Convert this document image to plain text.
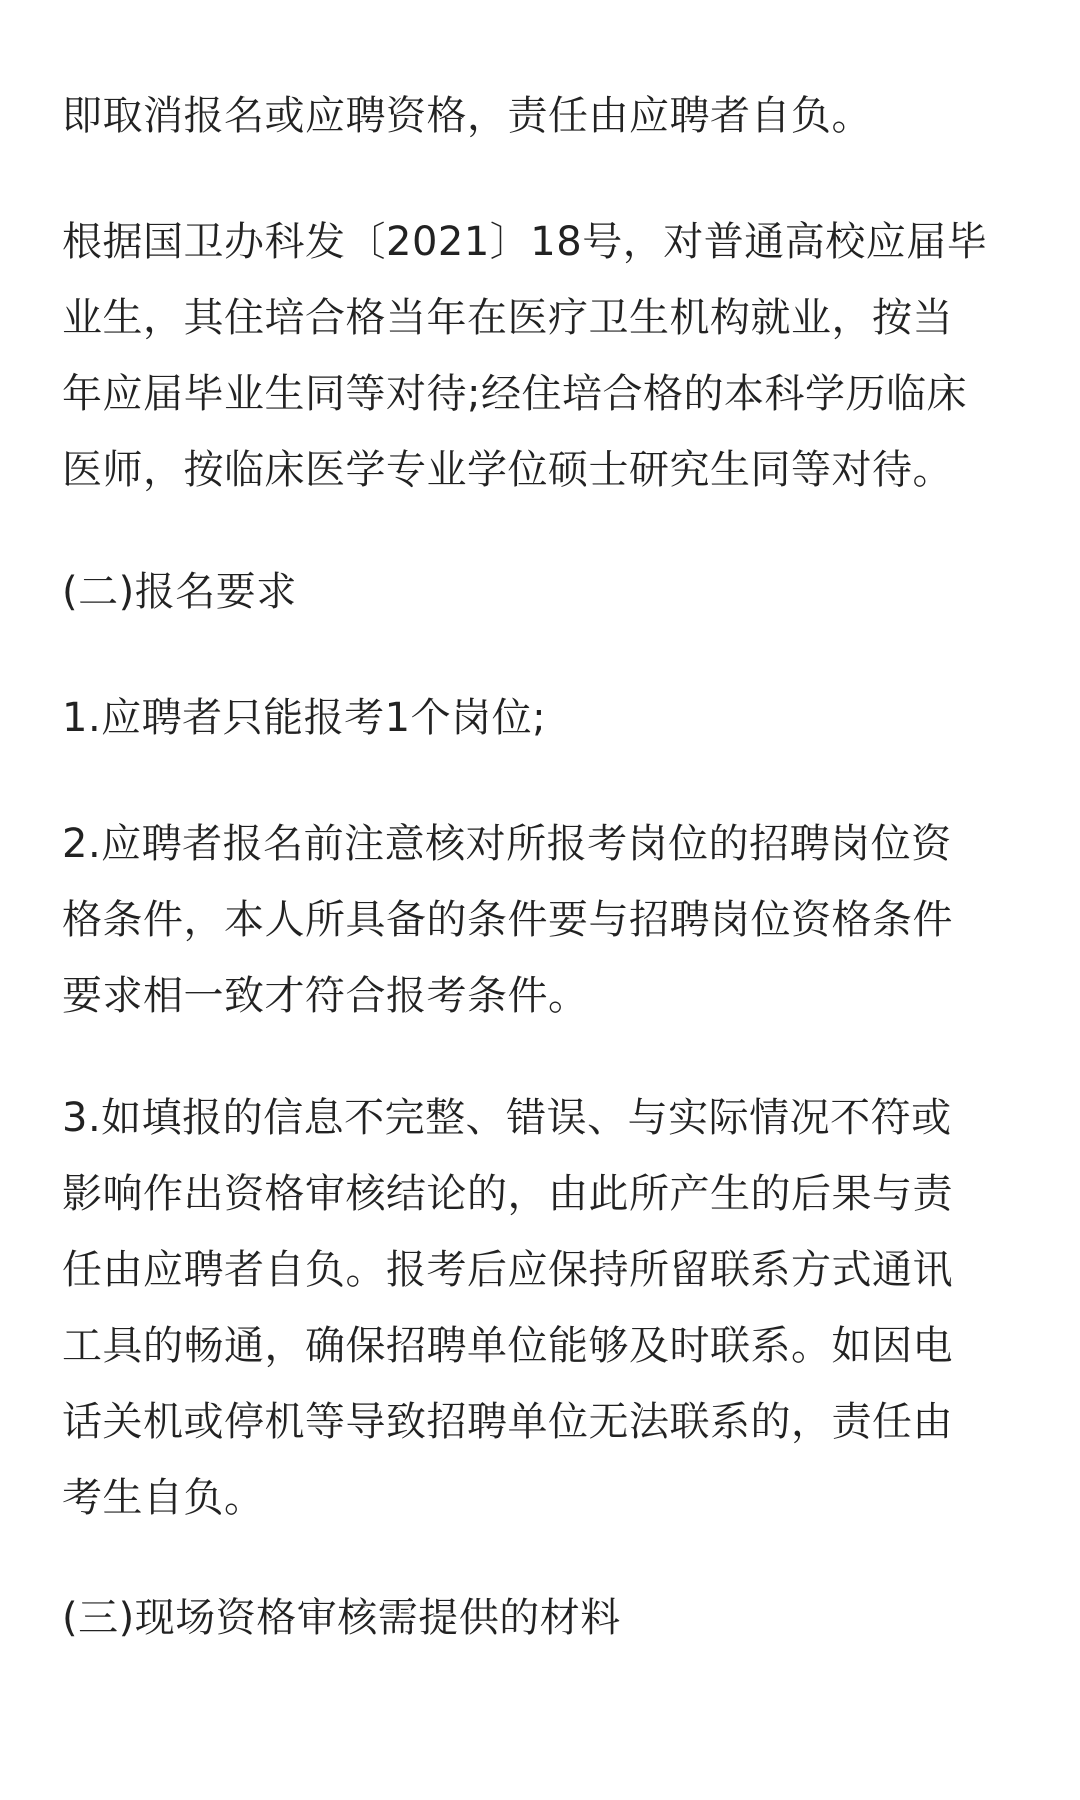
即取消报名或应聘资格，责任由应聘者自负。

根据国卫办科发〔2021〕18号，对普通高校应届毕
业生，其住培合格当年在医疗卫生机构就业，按当
年应届毕业生同等对待;经住培合格的本科学历临床
医师，按临床医学专业学位硕士研究生同等对待。

(二)报名要求

1.应聘者只能报考1个岗位;

2.应聘者报名前注意核对所报考岗位的招聘岗位资
格条件，本人所具备的条件要与招聘岗位资格条件
要求相一致才符合报考条件。

3.如填报的信息不完整、错误、与实际情况不符或
影响作出资格审核结论的，由此所产生的后果与责
任由应聘者自负。报考后应保持所留联系方式通讯
工具的畅通，确保招聘单位能够及时联系。如因电
话关机或停机等导致招聘单位无法联系的，责任由
考生自负。

(三)现场资格审核需提供的材料
